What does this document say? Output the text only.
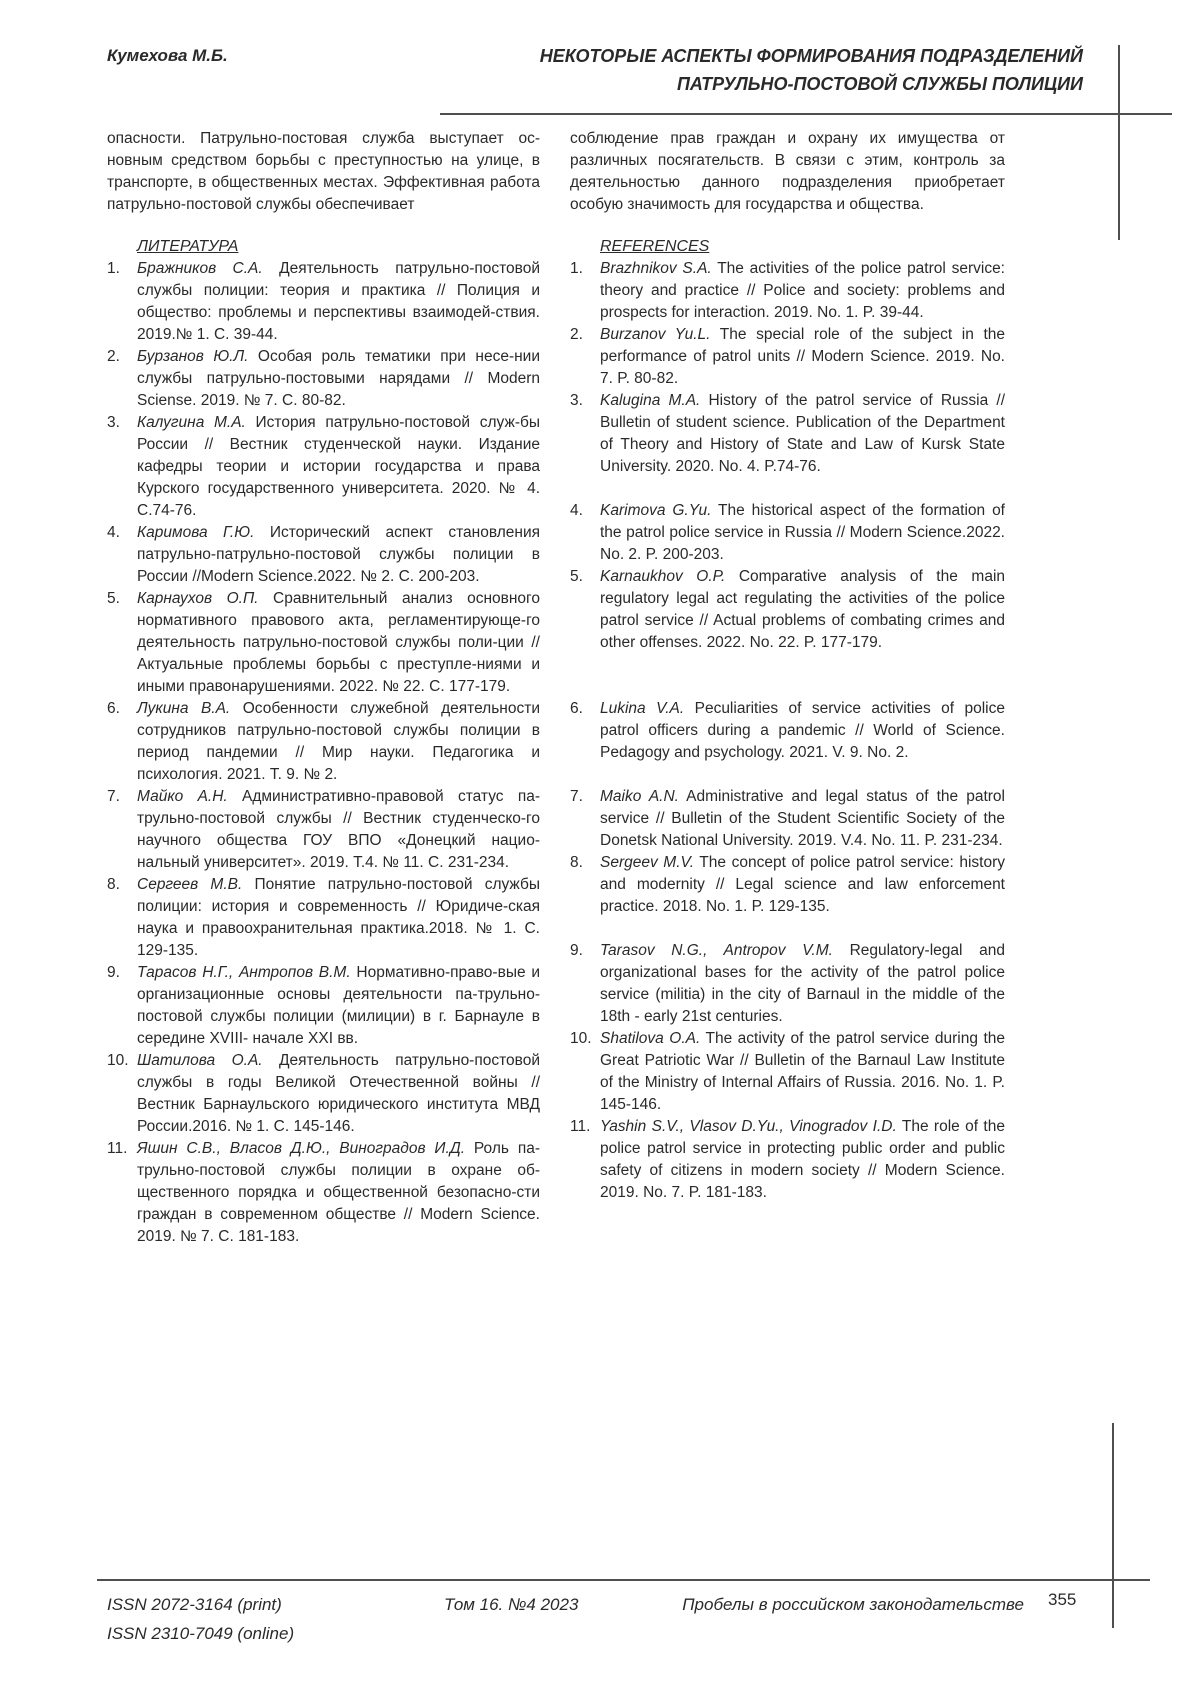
Кумехова М.Б.	НЕКОТОРЫЕ АСПЕКТЫ ФОРМИРОВАНИЯ ПОДРАЗДЕЛЕНИЙ
ПАТРУЛЬНО-ПОСТОВОЙ СЛУЖБЫ ПОЛИЦИИ

опасности. Патрульно-постовая служба выступает ос-новным средством борьбы с преступностью на улице, в транспорте, в общественных местах. Эффективная работа патрульно-постовой службы обеспечивает

ЛИТЕРАТУРА
1.	Бражников С.А. Деятельность патрульно-постовой службы полиции: теория и практика // Полиция и общество: проблемы и перспективы взаимодей-ствия. 2019.№ 1. С. 39-44.
2.	Бурзанов Ю.Л. Особая роль тематики при несе-нии службы патрульно-постовыми нарядами // Modern Sciense. 2019. № 7. С. 80-82.
3.	Калугина М.А. История патрульно-постовой служ-бы России // Вестник студенческой науки. Издание кафедры теории и истории государства и права Курского государственного университета. 2020. № 4. С.74-76.
4.	Каримова Г.Ю. Исторический аспект становления патрульно-патрульно-постовой службы полиции в России //Modern Science.2022. № 2. С. 200-203.
5.	Карнаухов О.П. Сравнительный анализ основного нормативного правового акта, регламентирующе-го деятельность патрульно-постовой службы поли-ции // Актуальные проблемы борьбы с преступле-ниями и иными правонарушениями. 2022. № 22. С. 177-179.
6.	Лукина В.А. Особенности служебной деятельности сотрудников патрульно-постовой службы полиции в период пандемии // Мир науки. Педагогика и психология. 2021. Т. 9. № 2.
7.	Майко А.Н. Административно-правовой статус па-трульно-постовой службы // Вестник студенческо-го научного общества ГОУ ВПО «Донецкий нацио-нальный университет». 2019. Т.4. № 11. С. 231-234.
8.	Сергеев М.В. Понятие патрульно-постовой службы полиции: история и современность // Юридиче-ская наука и правоохранительная практика.2018. № 1. С. 129-135.
9.	Тарасов Н.Г., Антропов В.М. Нормативно-право-вые и организационные основы деятельности па-трульно-постовой службы полиции (милиции) в г. Барнауле в середине XVIII- начале XXI вв.
10. Шатилова О.А. Деятельность патрульно-постовой службы в годы Великой Отечественной войны // Вестник Барнаульского юридического института МВД России.2016. № 1. С. 145-146.
11. Яшин С.В., Власов Д.Ю., Виноградов И.Д. Роль па-трульно-постовой службы полиции в охране об-щественного порядка и общественной безопасно-сти граждан в современном обществе // Modern Science. 2019. № 7. С. 181-183.

соблюдение прав граждан и охрану их имущества от различных посягательств. В связи с этим, контроль за деятельностью данного подразделения приобретает особую значимость для государства и общества.

REFERENCES
1.	Brazhnikov S.A. The activities of the police patrol service: theory and practice // Police and society: problems and prospects for interaction. 2019. No. 1. P. 39-44.
2.	Burzanov Yu.L. The special role of the subject in the performance of patrol units // Modern Science. 2019. No. 7. P. 80-82.
3.	Kalugina M.A. History of the patrol service of Russia // Bulletin of student science. Publication of the Department of Theory and History of State and Law of Kursk State University. 2020. No. 4. P.74-76.
4.	Karimova G.Yu. The historical aspect of the formation of the patrol police service in Russia // Modern Science.2022. No. 2. P. 200-203.
5.	Karnaukhov O.P. Comparative analysis of the main regulatory legal act regulating the activities of the police patrol service // Actual problems of combating crimes and other offenses. 2022. No. 22. P. 177-179.
6.	Lukina V.A. Peculiarities of service activities of police patrol officers during a pandemic // World of Science. Pedagogy and psychology. 2021. V. 9. No. 2.
7.	Maiko A.N. Administrative and legal status of the patrol service // Bulletin of the Student Scientific Society of the Donetsk National University. 2019. V.4. No. 11. P. 231-234.
8.	Sergeev M.V. The concept of police patrol service: history and modernity // Legal science and law enforcement practice. 2018. No. 1. P. 129-135.
9.	Tarasov N.G., Antropov V.M. Regulatory-legal and organizational bases for the activity of the patrol police service (militia) in the city of Barnaul in the middle of the 18th - early 21st centuries.
10. Shatilova O.A. The activity of the patrol service during the Great Patriotic War // Bulletin of the Barnaul Law Institute of the Ministry of Internal Affairs of Russia. 2016. No. 1. P. 145-146.
11. Yashin S.V., Vlasov D.Yu., Vinogradov I.D. The role of the police patrol service in protecting public order and public safety of citizens in modern society // Modern Science. 2019. No. 7. P. 181-183.
ISSN 2072-3164 (print)
ISSN 2310-7049 (online)
Том 16. №4 2023	Пробелы в российском законодательстве 355
